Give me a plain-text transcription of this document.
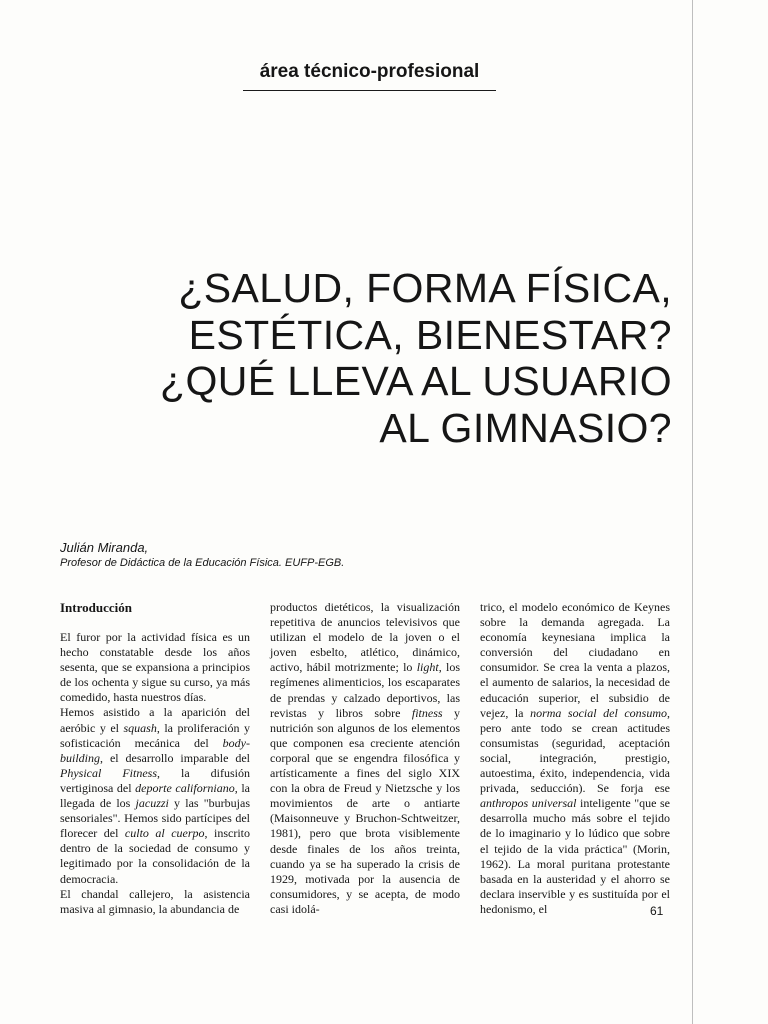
área técnico-profesional
¿SALUD, FORMA FÍSICA,
ESTÉTICA, BIENESTAR?
¿QUÉ LLEVA AL USUARIO
AL GIMNASIO?
Julián Miranda,
Profesor de Didáctica de la Educación Física. EUFP-EGB.
Introducción

El furor por la actividad física es un hecho constatable desde los años sesenta, que se expansiona a principios de los ochenta y sigue su curso, ya más comedido, hasta nuestros días.

Hemos asistido a la aparición del aeróbic y el squash, la proliferación y sofisticación mecánica del body-building, el desarrollo imparable del Physical Fitness, la difusión vertiginosa del deporte californiano, la llegada de los jacuzzi y las "burbujas sensoriales". Hemos sido partícipes del florecer del culto al cuerpo, inscrito dentro de la sociedad de consumo y legitimado por la consolidación de la democracia.

El chandal callejero, la asistencia masiva al gimnasio, la abundancia de

productos dietéticos, la visualización repetitiva de anuncios televisivos que utilizan el modelo de la joven o el joven esbelto, atlético, dinámico, activo, hábil motrizmente; lo light, los regímenes alimenticios, los escaparates de prendas y calzado deportivos, las revistas y libros sobre fitness y nutrición son algunos de los elementos que componen esa creciente atención corporal que se engendra filosófica y artísticamente a fines del siglo XIX con la obra de Freud y Nietzsche y los movimientos de arte o antiarte (Maisonneuve y Bruchon-Schtweitzer, 1981), pero que brota visiblemente desde finales de los años treinta, cuando ya se ha superado la crisis de 1929, motivada por la ausencia de consumidores, y se acepta, de modo casi idolá-

trico, el modelo económico de Keynes sobre la demanda agregada. La economía keynesiana implica la conversión del ciudadano en consumidor. Se crea la venta a plazos, el aumento de salarios, la necesidad de educación superior, el subsidio de vejez, la norma social del consumo, pero ante todo se crean actitudes consumistas (seguridad, aceptación social, integración, prestigio, autoestima, éxito, independencia, vida privada, seducción). Se forja ese anthropos universal inteligente "que se desarrolla mucho más sobre el tejido de lo imaginario y lo lúdico que sobre el tejido de la vida práctica" (Morin, 1962). La moral puritana protestante basada en la austeridad y el ahorro se declara inservible y es sustituída por el hedonismo, el	61
